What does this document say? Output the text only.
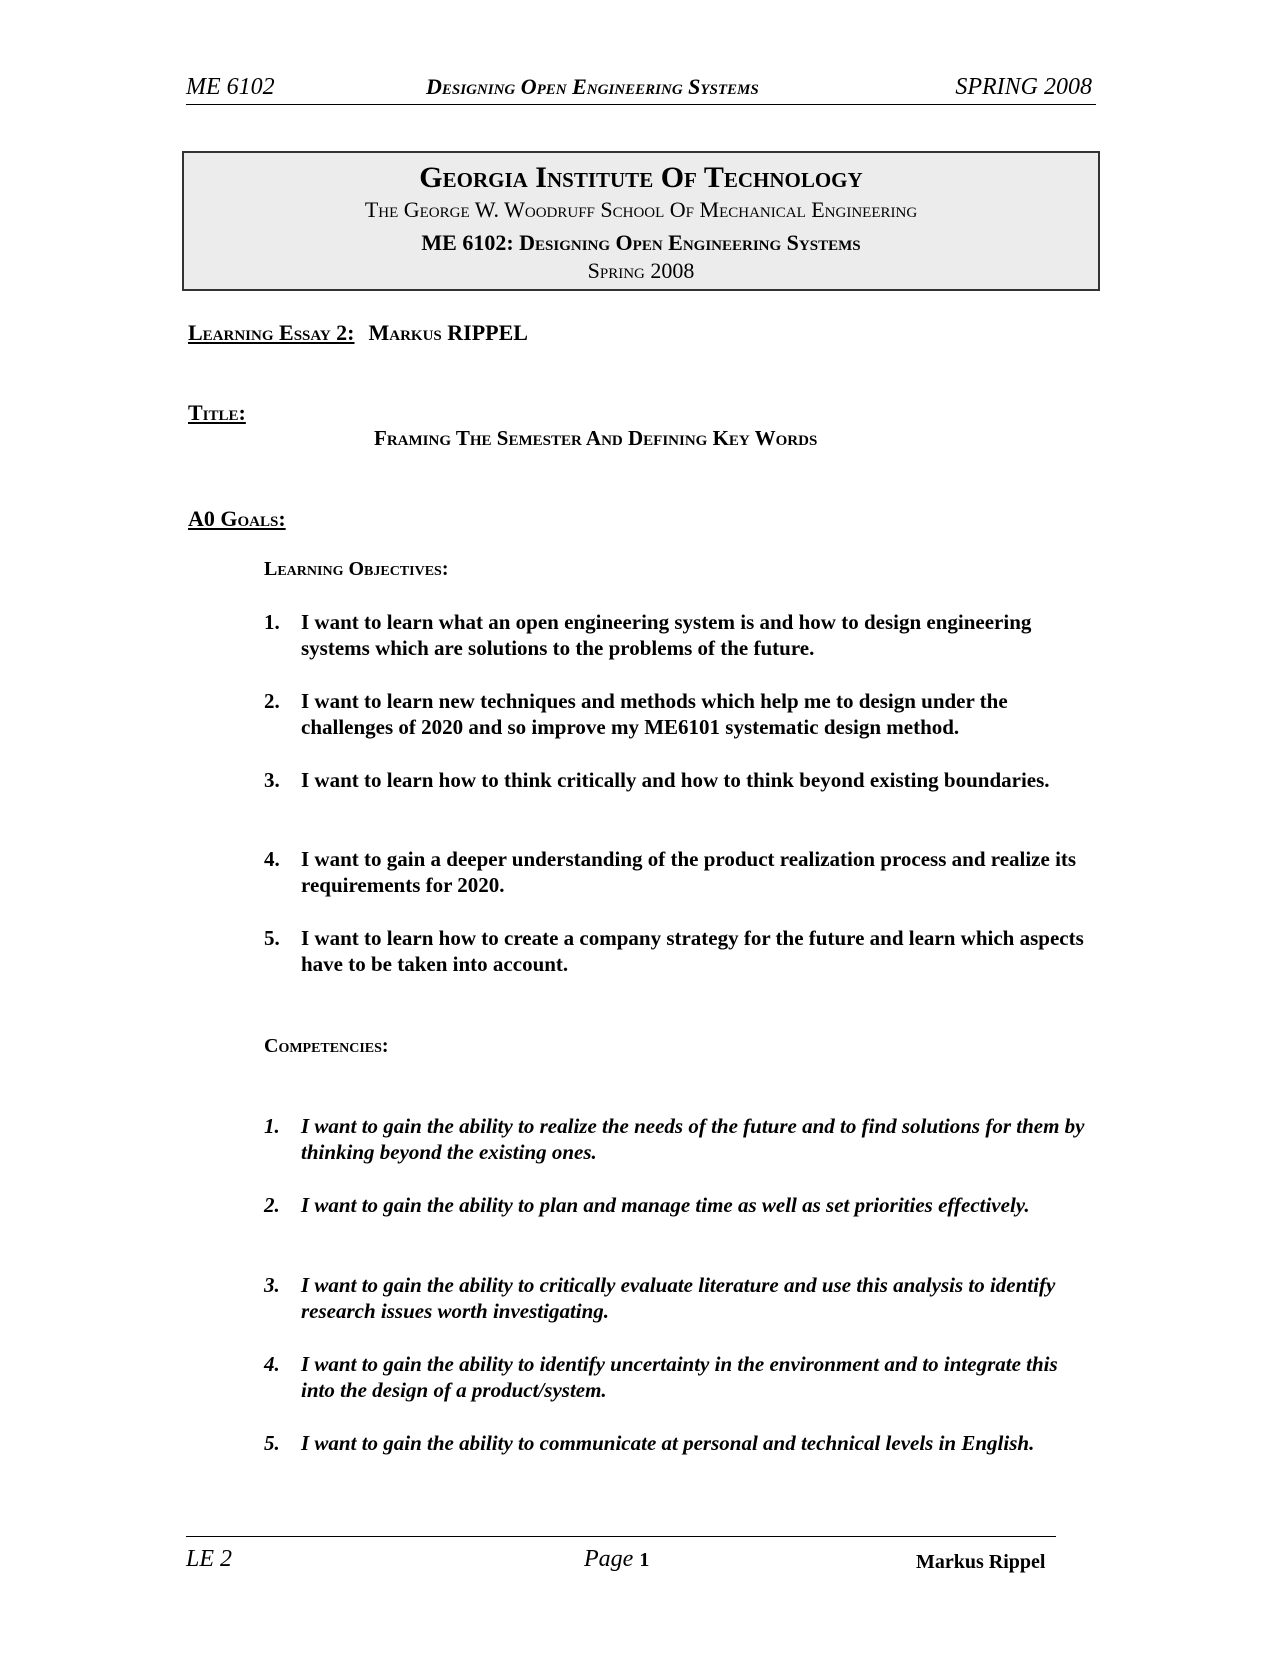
ME 6102	Designing Open Engineering Systems	SPRING 2008
Georgia Institute Of Technology
The George W. Woodruff School Of Mechanical Engineering
ME 6102: Designing Open Engineering Systems
Spring 2008
Learning Essay 2: Markus RIPPEL
Title:
Framing The Semester And Defining Key Words
A0 Goals:
Learning Objectives:
1. I want to learn what an open engineering system is and how to design engineering systems which are solutions to the problems of the future.
2. I want to learn new techniques and methods which help me to design under the challenges of 2020 and so improve my ME6101 systematic design method.
3. I want to learn how to think critically and how to think beyond existing boundaries.
4. I want to gain a deeper understanding of the product realization process and realize its requirements for 2020.
5. I want to learn how to create a company strategy for the future and learn which aspects have to be taken into account.
Competencies:
1. I want to gain the ability to realize the needs of the future and to find solutions for them by thinking beyond the existing ones.
2. I want to gain the ability to plan and manage time as well as set priorities effectively.
3. I want to gain the ability to critically evaluate literature and use this analysis to identify research issues worth investigating.
4. I want to gain the ability to identify uncertainty in the environment and to integrate this into the design of a product/system.
5. I want to gain the ability to communicate at personal and technical levels in English.
LE 2	Page 1	Markus Rippel
